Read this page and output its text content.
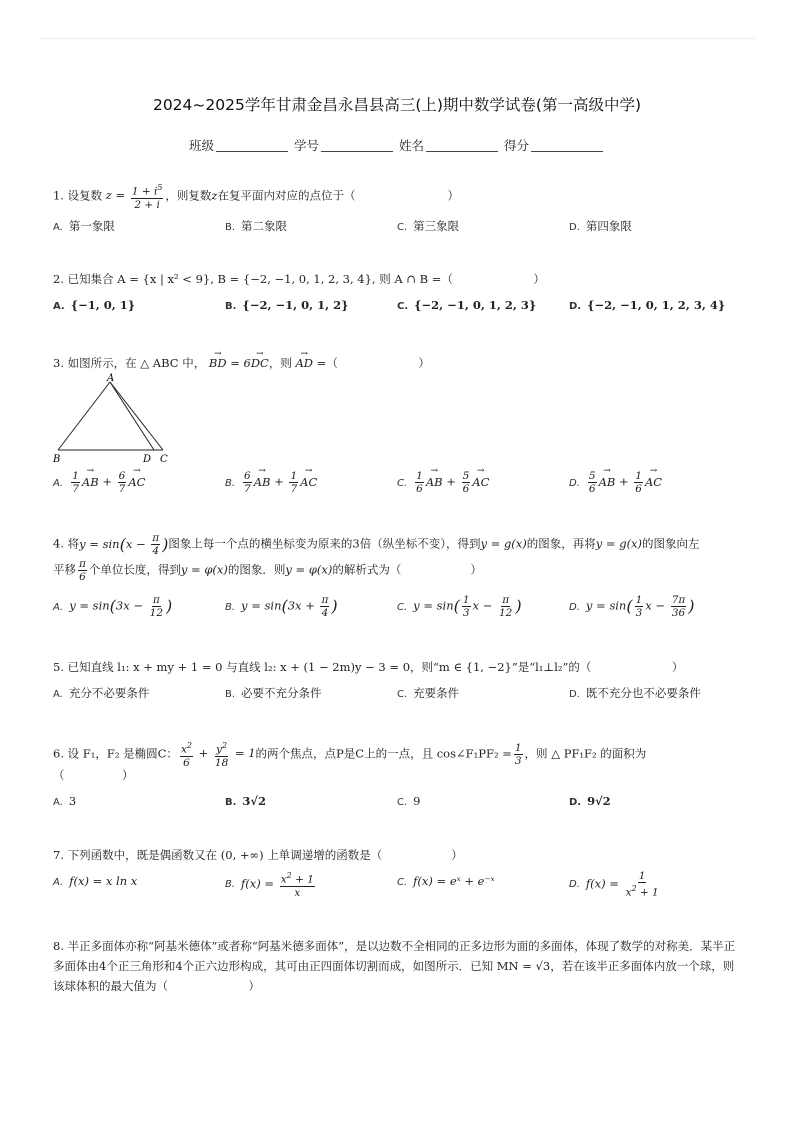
2024~2025学年甘肃金昌永昌县高三(上)期中数学试卷(第一高级中学)
班级	学号	姓名	得分
1. 设复数 $z = \frac{1 + i^5}{2 + i}$ ，则复数z在复平面内对应的点位于（　　　　　　　　）
A. 第一象限	B. 第二象限	C. 第三象限	D. 第四象限
2. 已知集合 A = {x | x² < 9}, B = {−2, −1, 0, 1, 2, 3, 4}, 则 A ∩ B =（　　　　　　　）
A. {−1, 0, 1}	B. {−2, −1, 0, 1, 2}	C. {−2, −1, 0, 1, 2, 3}	D. {−2, −1, 0, 1, 2, 3, 4}
3. 如图所示，在 △ ABC 中， → BD = 6→ DC，则 → AD =（　　　　　　　）
A
B	D C
A. $\frac{1}{7}$ → AB + $\frac{6}{7}$ → AC	B. $\frac{6}{7}$ → AB + $\frac{1}{7}$ → AC	C. $\frac{1}{6}$ → AB + $\frac{5}{6}$ → AC	D. $\frac{5}{6}$ → AB + $\frac{1}{6}$ → AC
4. 将$y = \sin(x - \frac{\pi}{4}$ )图象上每一个点的横坐标变为原来的3倍（纵坐标不变），得到y = g(x)的图象，再将y = g(x)的图象向左
平移 $\frac{\pi}{6}$ 个单位长度，得到y = φ(x)的图象．则y = φ(x)的解析式为（　　　　　　）
A. $y = \sin(3x - \frac{\pi}{12}$ )	B. $y = \sin(3x + \frac{\pi}{4}$ )	C. $y = \sin( \frac{1}{3}$ $x - \frac{\pi}{12}$ )	D. $y = \sin( \frac{1}{3}$ $x - \frac{7\pi}{36}$ )
5. 已知直线 l₁: x + my + 1 = 0 与直线 l₂: x + (1 − 2m)y − 3 = 0，则“m ∈ {1, −2}”是“l₁⊥l₂”的（　　　　　　　）
A. 充分不必要条件	B. 必要不充分条件	C. 充要条件	D. 既不充分也不必要条件
6. 设 F₁，F₂ 是椭圆C： $\frac{x^2}{6} + \frac{y^2}{18} = 1$的两个焦点，点P是C上的一点，且 cos∠F₁PF₂ = $\frac{1}{3}$ ，则 △ PF₁F₂ 的面积为
（　　　　　）
A. 3	B. 3√2	C. 9	D. 9√2
7. 下列函数中，既是偶函数又在 (0, +∞) 上单调递增的函数是（　　　　　　）
A. f(x) = x ln x	B. $f(x) = \frac{x^2 + 1}{x}$	C. f(x) = eˣ + e⁻ˣ	D. $f(x) = \frac{1}{x^2 + 1}$
8. 半正多面体亦称“阿基米德体”或者称“阿基米德多面体”，是以边数不全相同的正多边形为面的多面体，体现了数学的对称美．某半正多面体由4个正三角形和4个正六边形构成，其可由正四面体切割而成，如图所示．已知 MN = √3，若在该半正多面体内放一个球，则该球体积的最大值为（　　　　　　　）
